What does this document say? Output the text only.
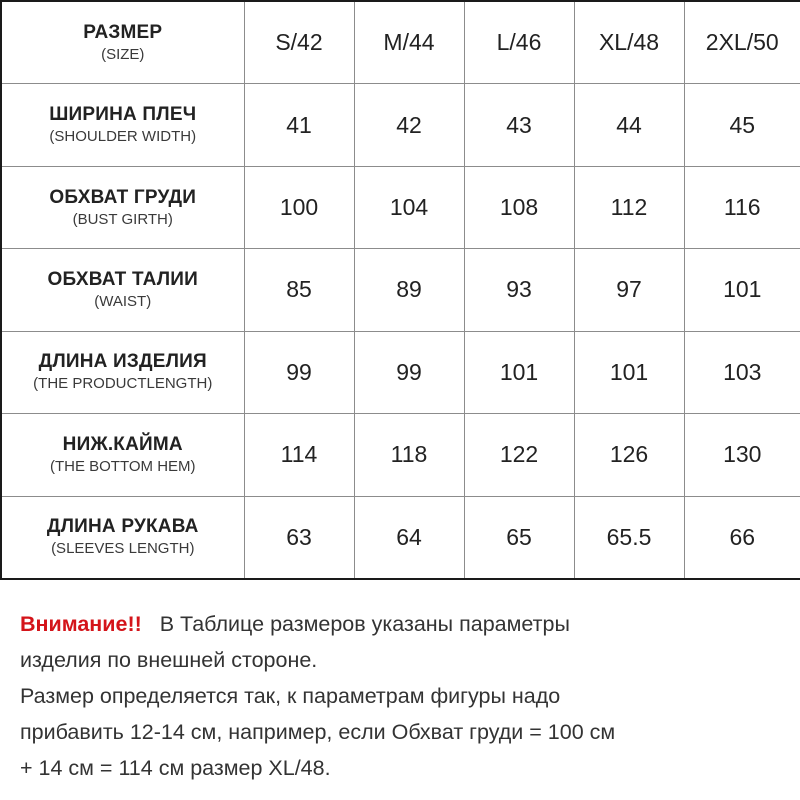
РАЗМЕР
(SIZE)	S/42	M/44	L/46	XL/48	2XL/50

ШИРИНА ПЛЕЧ
(SHOULDER WIDTH)	41	42	43	44	45

ОБХВАТ ГРУДИ
(BUST GIRTH)	100	104	108	112	116

ОБХВАТ ТАЛИИ
(WAIST)	85	89	93	97	101

ДЛИНА ИЗДЕЛИЯ
(THE PRODUCTLENGTH)	99	99	101	101	103

НИЖ.КАЙМА
(THE BOTTOM HEM)	114	118	122	126	130

ДЛИНА РУКАВА
(SLEEVES LENGTH)	63	64	65	65.5	66

Внимание!! В Таблице размеров указаны параметры

изделия по внешней стороне.

Размер определяется так, к параметрам фигуры надо

прибавить 12-14 см, например, если Обхват груди = 100 см

+ 14 см = 114 см размер XL/48.
